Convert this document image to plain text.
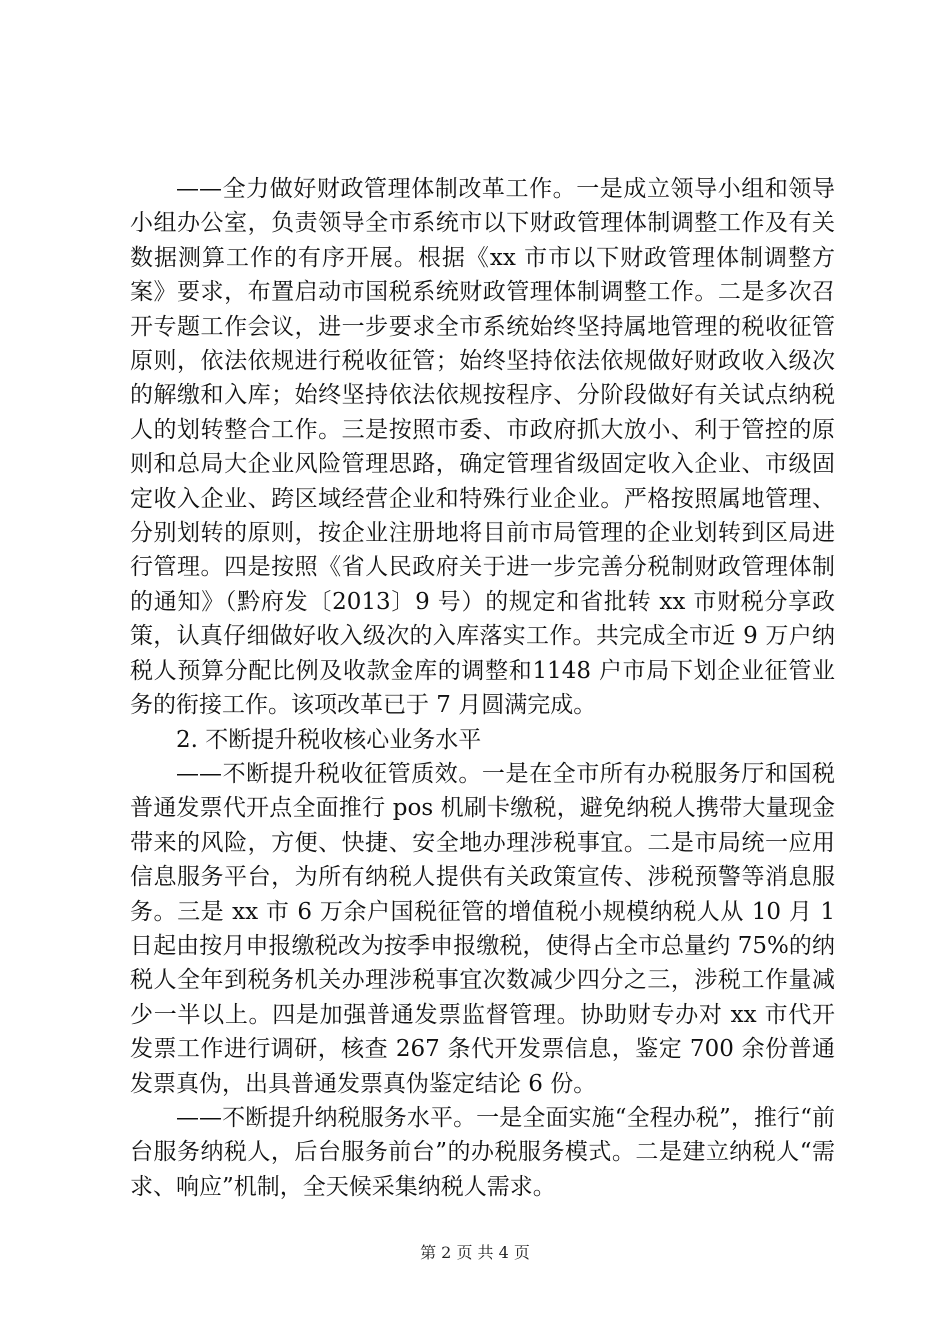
——全力做好财政管理体制改革工作。一是成立领导小组和领导小组办公室，负责领导全市系统市以下财政管理体制调整工作及有关数据测算工作的有序开展。根据《xx 市市以下财政管理体制调整方案》要求，布置启动市国税系统财政管理体制调整工作。二是多次召开专题工作会议，进一步要求全市系统始终坚持属地管理的税收征管原则，依法依规进行税收征管；始终坚持依法依规做好财政收入级次的解缴和入库；始终坚持依法依规按程序、分阶段做好有关试点纳税人的划转整合工作。三是按照市委、市政府抓大放小、利于管控的原则和总局大企业风险管理思路，确定管理省级固定收入企业、市级固定收入企业、跨区域经营企业和特殊行业企业。严格按照属地管理、分别划转的原则，按企业注册地将目前市局管理的企业划转到区局进行管理。四是按照《省人民政府关于进一步完善分税制财政管理体制的通知》（黔府发〔2013〕9 号）的规定和省批转 xx 市财税分享政策，认真仔细做好收入级次的入库落实工作。共完成全市近 9 万户纳税人预算分配比例及收款金库的调整和1148 户市局下划企业征管业务的衔接工作。该项改革已于 7 月圆满完成。

2. 不断提升税收核心业务水平

——不断提升税收征管质效。一是在全市所有办税服务厅和国税普通发票代开点全面推行 pos 机刷卡缴税，避免纳税人携带大量现金带来的风险，方便、快捷、安全地办理涉税事宜。二是市局统一应用信息服务平台，为所有纳税人提供有关政策宣传、涉税预警等消息服务。三是 xx 市 6 万余户国税征管的增值税小规模纳税人从 10 月 1 日起由按月申报缴税改为按季申报缴税，使得占全市总量约 75%的纳税人全年到税务机关办理涉税事宜次数减少四分之三，涉税工作量减少一半以上。四是加强普通发票监督管理。协助财专办对 xx 市代开发票工作进行调研，核查 267 条代开发票信息，鉴定 700 余份普通发票真伪，出具普通发票真伪鉴定结论 6 份。

——不断提升纳税服务水平。一是全面实施“全程办税”，推行“前台服务纳税人，后台服务前台”的办税服务模式。二是建立纳税人“需求、响应”机制，全天候采集纳税人需求。

第 2 页 共 4 页
